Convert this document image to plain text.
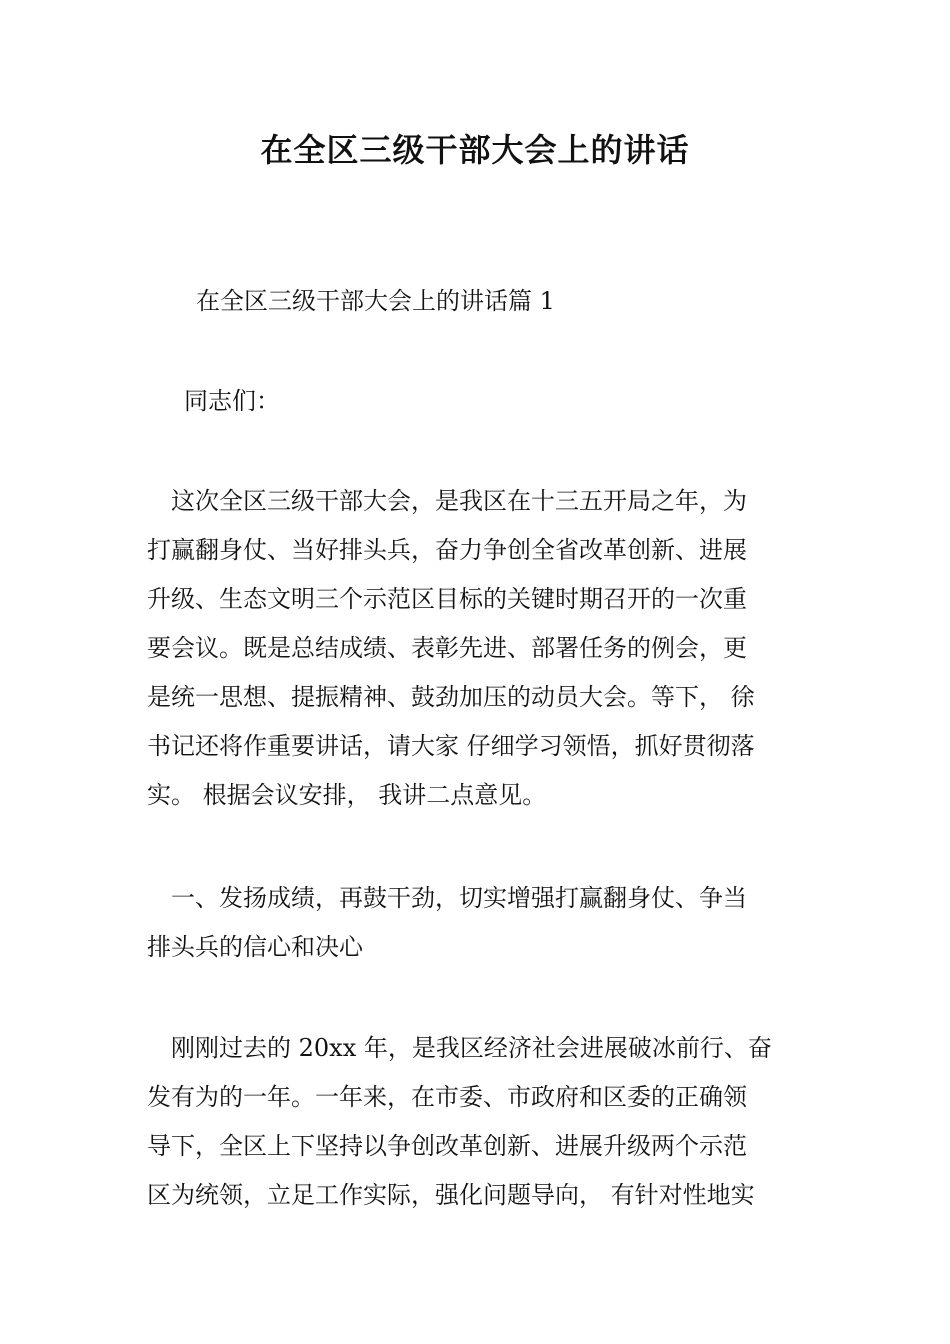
在全区三级干部大会上的讲话
在全区三级干部大会上的讲话篇 1
同志们：
　这次全区三级干部大会，是我区在十三五开局之年，为
打赢翻身仗、当好排头兵，奋力争创全省改革创新、进展
升级、生态文明三个示范区目标的关键时期召开的一次重
要会议。既是总结成绩、表彰先进、部署任务的例会，更
是统一思想、提振精神、鼓劲加压的动员大会。等下， 徐
书记还将作重要讲话，请大家 仔细学习领悟，抓好贯彻落
实。 根据会议安排， 我讲二点意见。
　一、发扬成绩，再鼓干劲，切实增强打赢翻身仗、争当
排头兵的信心和决心
　刚刚过去的 20xx 年，是我区经济社会进展破冰前行、奋
发有为的一年。一年来，在市委、市政府和区委的正确领
导下，全区上下坚持以争创改革创新、进展升级两个示范
区为统领，立足工作实际，强化问题导向， 有针对性地实
